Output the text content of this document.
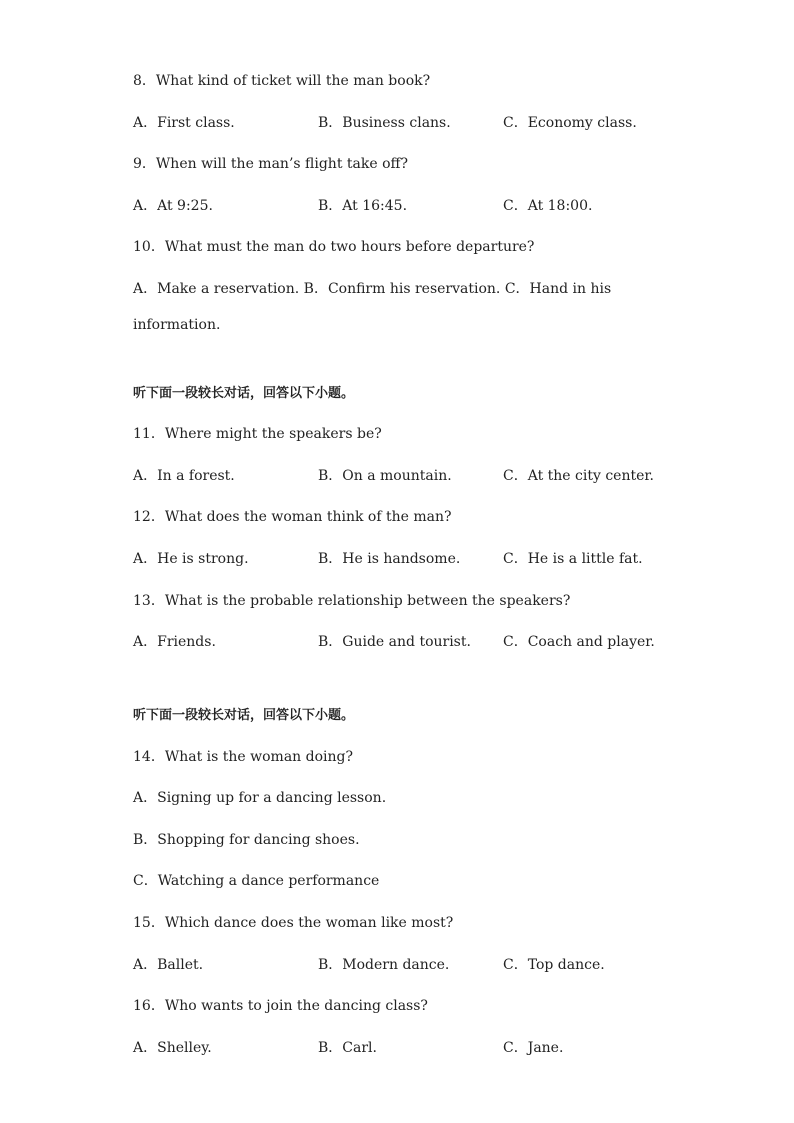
8．What kind of ticket will the man book?
A．First class.	B．Business clans.	C．Economy class.
9．When will the man’s flight take off?
A．At 9:25.	B．At 16:45.	C．At 18:00.
10．What must the man do two hours before departure?
A．Make a reservation. B．Confirm his reservation. C．Hand in his
information.
听下面一段较长对话，回答以下小题。
11．Where might the speakers be?
A．In a forest.	B．On a mountain.	C．At the city center.
12．What does the woman think of the man?
A．He is strong.	B．He is handsome.	C．He is a little fat.
13．What is the probable relationship between the speakers?
A．Friends.	B．Guide and tourist. C．Coach and player.
听下面一段较长对话，回答以下小题。
14．What is the woman doing?
A．Signing up for a dancing lesson.
B．Shopping for dancing shoes.
C．Watching a dance performance
15．Which dance does the woman like most?
A．Ballet.	B．Modern dance.	C．Top dance.
16．Who wants to join the dancing class?
A．Shelley.	B．Carl.	C．Jane.
